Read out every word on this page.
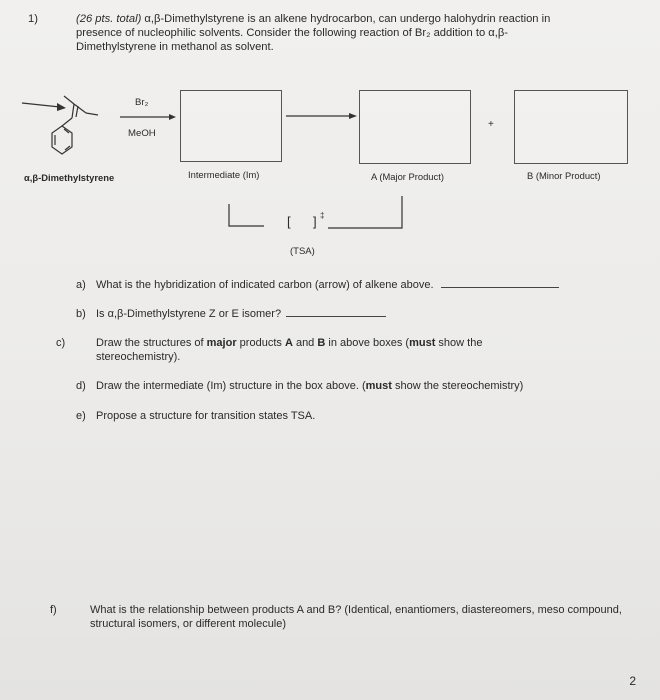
1)	(26 pts. total) α,β-Dimethylstyrene is an alkene hydrocarbon, can undergo halohydrin reaction in
presence of nucleophilic solvents. Consider the following reaction of Br₂ addition to α,β-
Dimethylstyrene in methanol as solvent.
Br₂
MeOH
+
α,β-Dimethylstyrene	Intermediate (Im)	A (Major Product)	B (Minor Product)
[ ] ‡
(TSA)
a) What is the hybridization of indicated carbon (arrow) of alkene above.
b) Is α,β-Dimethylstyrene Z or E isomer?
c)	Draw the structures of major products A and B in above boxes (must show the stereochemistry).
d) Draw the intermediate (Im) structure in the box above. (must show the stereochemistry)
e) Propose a structure for transition states TSA.
f)	What is the relationship between products A and B? (Identical, enantiomers, diastereomers, meso compound, structural isomers, or different molecule)
2
